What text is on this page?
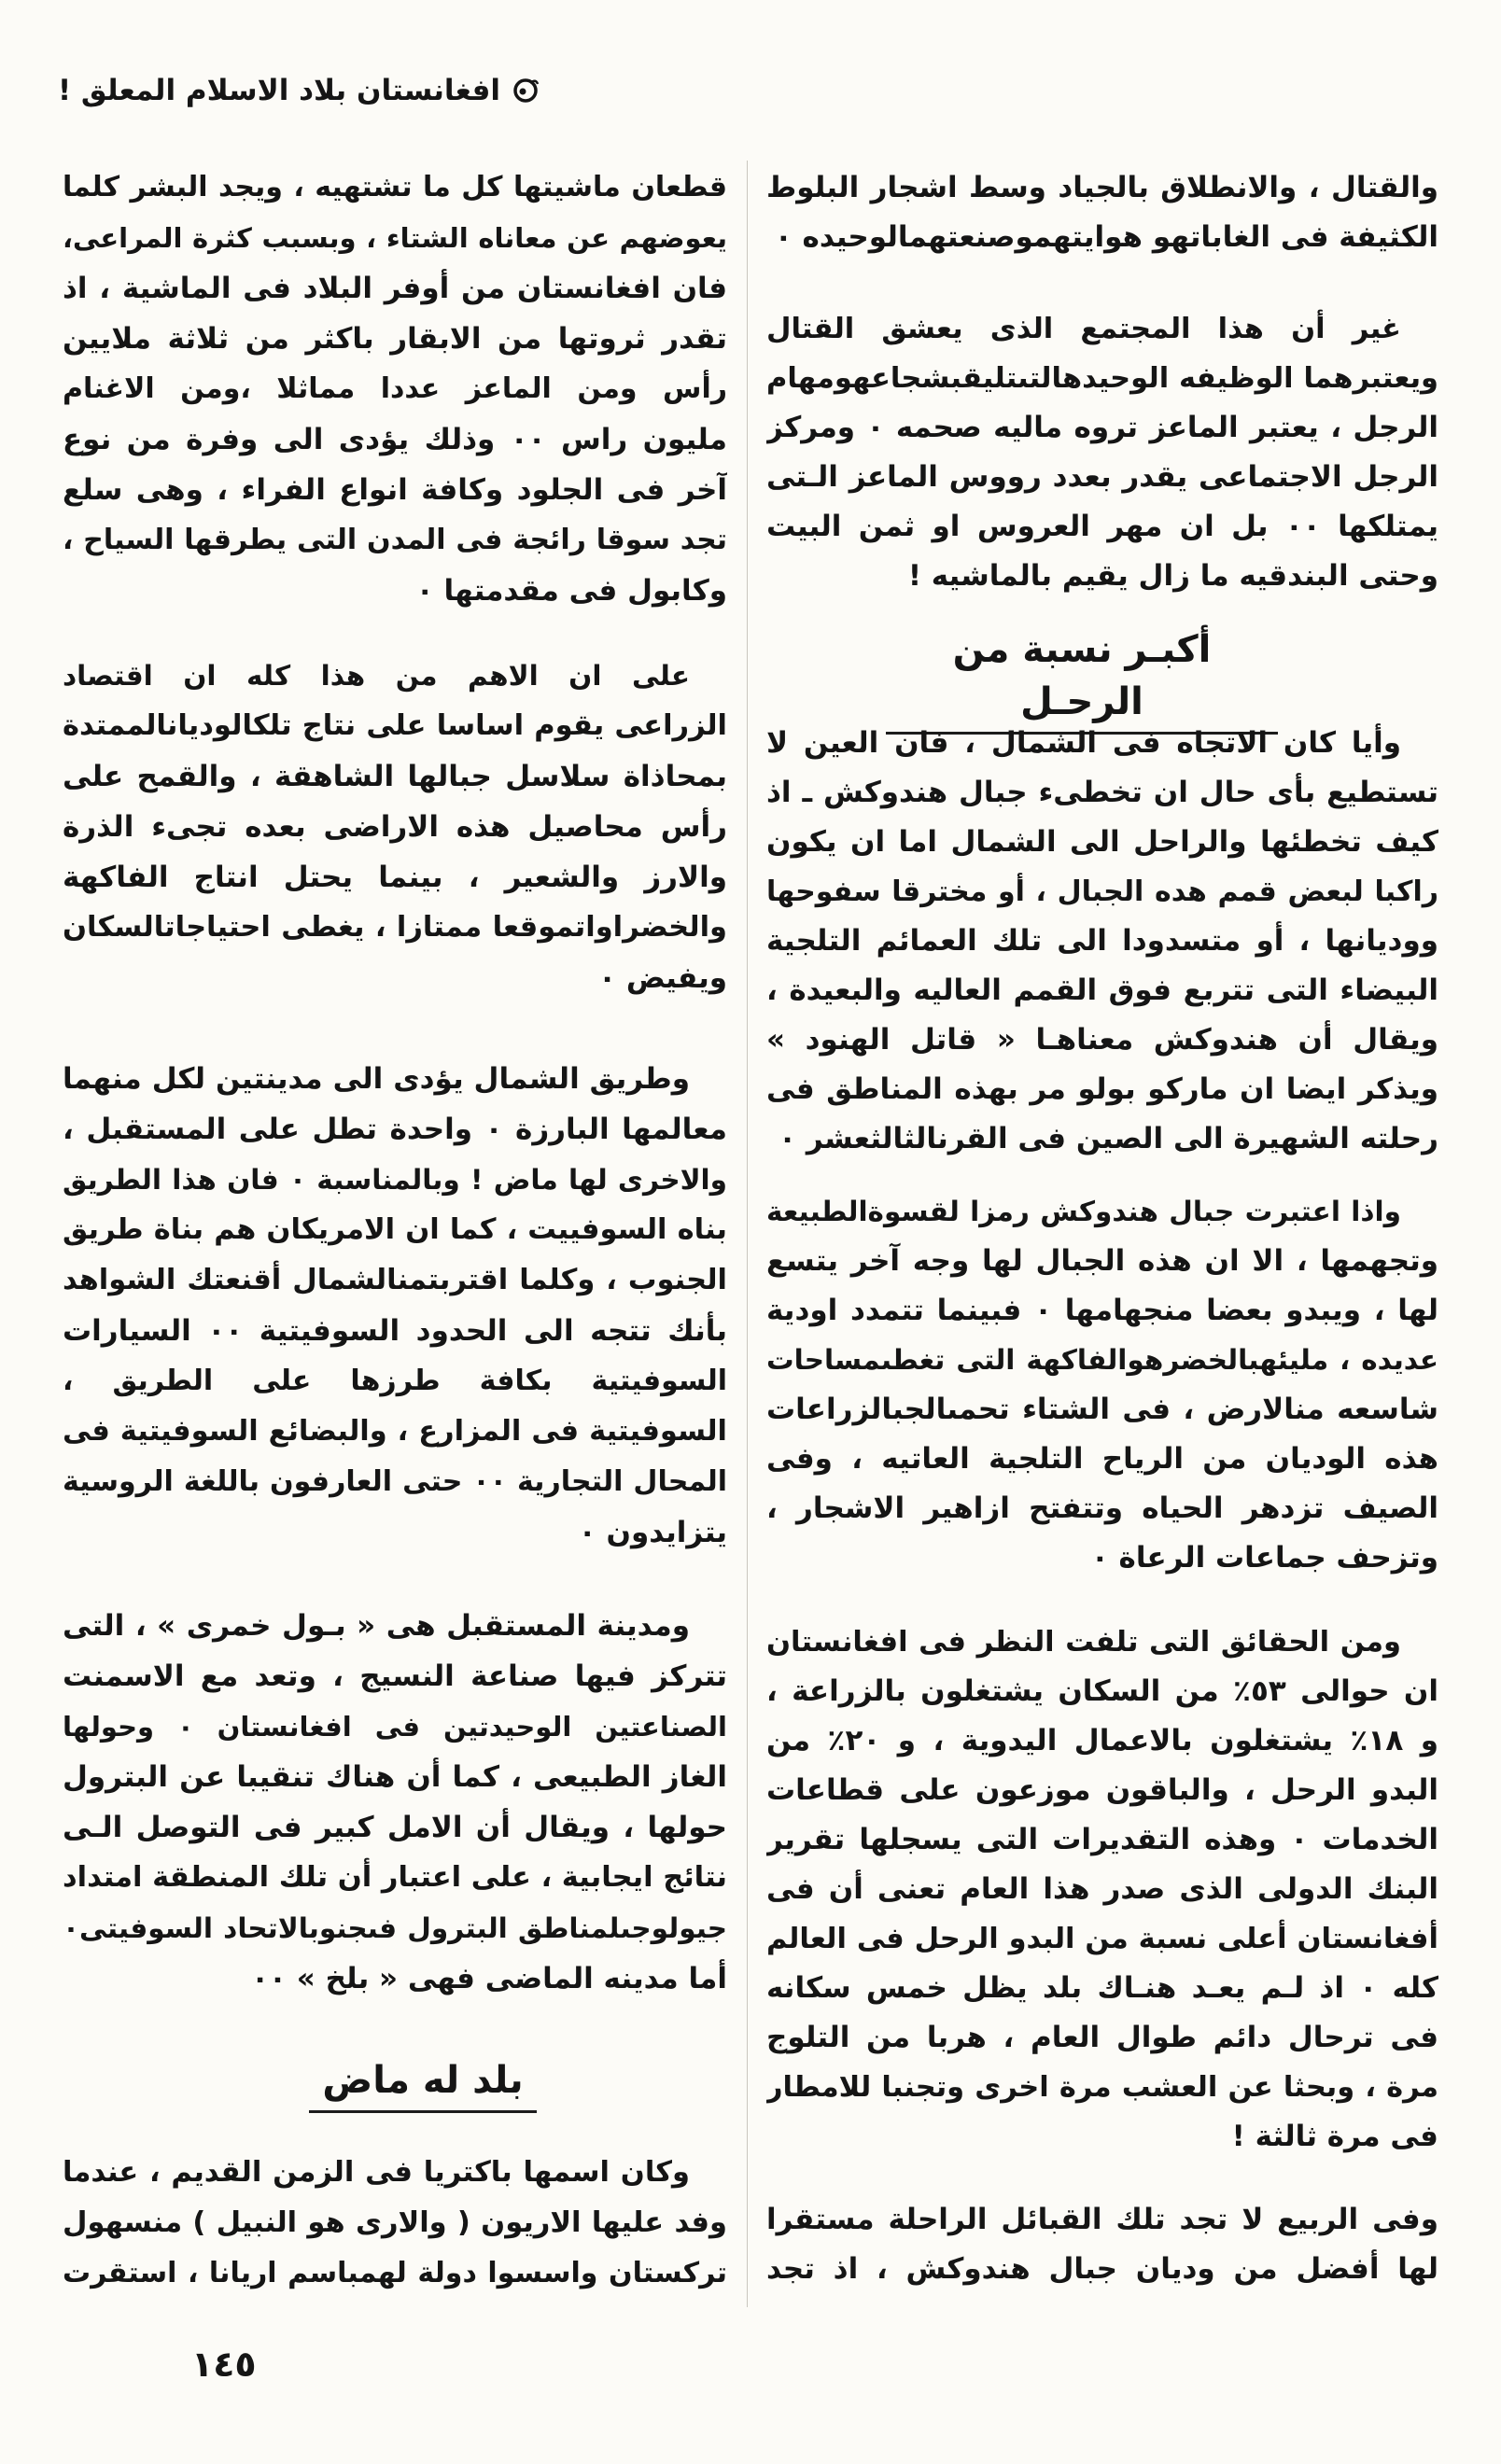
افغانستان بلاد الاسلام المعلق !
والقتال ، والانطلاق بالجياد وسط اشجار البلوط
الكثيفة فى الغاباتهو هوايتهموصنعتهمالوحيده ٠
غير أن هذا المجتمع الذى يعشق القتال
ويعتبرهما الوظيفه الوحيدهالتىتليقبشجاعهومهام
الرجل ، يعتبر الماعز تروه ماليه صحمه ٠ ومركز
الرجل الاجتماعى يقدر بعدد رووس الماعز الـتى
يمتلكها ٠٠ بل ان مهر العروس او ثمن البيت
وحتى البندقيه ما زال يقيم بالماشيه !
أكبـر نسبة من الرحـل
وأيا كان الاتجاه فى الشمال ، فان العين لا
تستطيع بأى حال ان تخطىء جبال هندوكش ـ اذ
كيف تخطئها والراحل الى الشمال اما ان يكون
راكبا لبعض قمم هده الجبال ، أو مخترقا سفوحها
ووديانها ، أو متسدودا الى تلك العمائم التلجية
البيضاء التى تتربع فوق القمم العاليه والبعيدة ،
ويقال أن هندوكش معناهـا « قاتل الهنود »
ويذكر ايضا ان ماركو بولو مر بهذه المناطق فى
رحلته الشهيرة الى الصين فى القرنالثالثعشر ٠
واذا اعتبرت جبال هندوكش رمزا لقسوةالطبيعة
وتجهمها ، الا ان هذه الجبال لها وجه آخر يتسع
لها ، ويبدو بعضا منجهامها ٠ فبينما تتمدد اودية
عديده ، مليئهبالخضرهوالفاكهة التى تغطىمساحات
شاسعه منالارض ، فى الشتاء تحمىالجبالزراعات
هذه الوديان من الرياح التلجية العاتيه ، وفى
الصيف تزدهر الحياه وتتفتح ازاهير الاشجار ،
وتزحف جماعات الرعاة ٠
ومن الحقائق التى تلفت النظر فى افغانستان
ان حوالى ٥٣٪ من السكان يشتغلون بالزراعة ،
و ١٨٪ يشتغلون بالاعمال اليدوية ، و ٢٠٪ من
البدو الرحل ، والباقون موزعون على قطاعات
الخدمات ٠ وهذه التقديرات التى يسجلها تقرير
البنك الدولى الذى صدر هذا العام تعنى أن فى
أفغانستان أعلى نسبة من البدو الرحل فى العالم
كله ٠ اذ لـم يعـد هنـاك بلد يظل خمس سكانه
فى ترحال دائم طوال العام ، هربا من التلوج
مرة ، وبحثا عن العشب مرة اخرى وتجنبا للامطار
فى مرة ثالثة !
وفى الربيع لا تجد تلك القبائل الراحلة مستقرا
لها أفضل من وديان جبال هندوكش ، اذ تجد
قطعان ماشيتها كل ما تشتهيه ، ويجد البشر كلما
يعوضهم عن معاناه الشتاء ، وبسبب كثرة المراعى،
فان افغانستان من أوفر البلاد فى الماشية ، اذ
تقدر ثروتها من الابقار باكثر من ثلاثة ملايين
رأس ومن الماعز عددا مماثلا ،ومن الاغنام
مليون راس ٠٠ وذلك يؤدى الى وفرة من نوع
آخر فى الجلود وكافة انواع الفراء ، وهى سلع
تجد سوقا رائجة فى المدن التى يطرقها السياح ،
وكابول فى مقدمتها ٠
على ان الاهم من هذا كله ان اقتصاد
الزراعى يقوم اساسا على نتاج تلكالوديانالممتدة
بمحاذاة سلاسل جبالها الشاهقة ، والقمح على
رأس محاصيل هذه الاراضى بعده تجىء الذرة
والارز والشعير ، بينما يحتل انتاج الفاكهة
والخضراواتموقعا ممتازا ، يغطى احتياجاتالسكان
ويفيض ٠
وطريق الشمال يؤدى الى مدينتين لكل منهما
معالمها البارزة ٠ واحدة تطل على المستقبل ،
والاخرى لها ماض ! وبالمناسبة ٠ فان هذا الطريق
بناه السوفييت ، كما ان الامريكان هم بناة طريق
الجنوب ، وكلما اقتربتمنالشمال أقنعتك الشواهد
بأنك تتجه الى الحدود السوفيتية ٠٠ السيارات
السوفيتية بكافة طرزها على الطريق ،
السوفيتية فى المزارع ، والبضائع السوفيتية فى
المحال التجارية ٠٠ حتى العارفون باللغة الروسية
يتزايدون ٠
ومدينة المستقبل هى « بـول خمرى » ، التى
تتركز فيها صناعة النسيج ، وتعد مع الاسمنت
الصناعتين الوحيدتين فى افغانستان ٠ وحولها
الغاز الطبيعى ، كما أن هناك تنقيبا عن البترول
حولها ، ويقال أن الامل كبير فى التوصل الـى
نتائج ايجابية ، على اعتبار أن تلك المنطقة امتداد
جيولوجىلمناطق البترول فىجنوبالاتحاد السوفيتى٠
أما مدينه الماضى فهى « بلخ » ٠٠
بلد له ماض
وكان اسمها باكتريا فى الزمن القديم ، عندما
وفد عليها الاريون ( والارى هو النبيل ) منسهول
تركستان واسسوا دولة لهمباسم اريانا ، استقرت
١٤٥
